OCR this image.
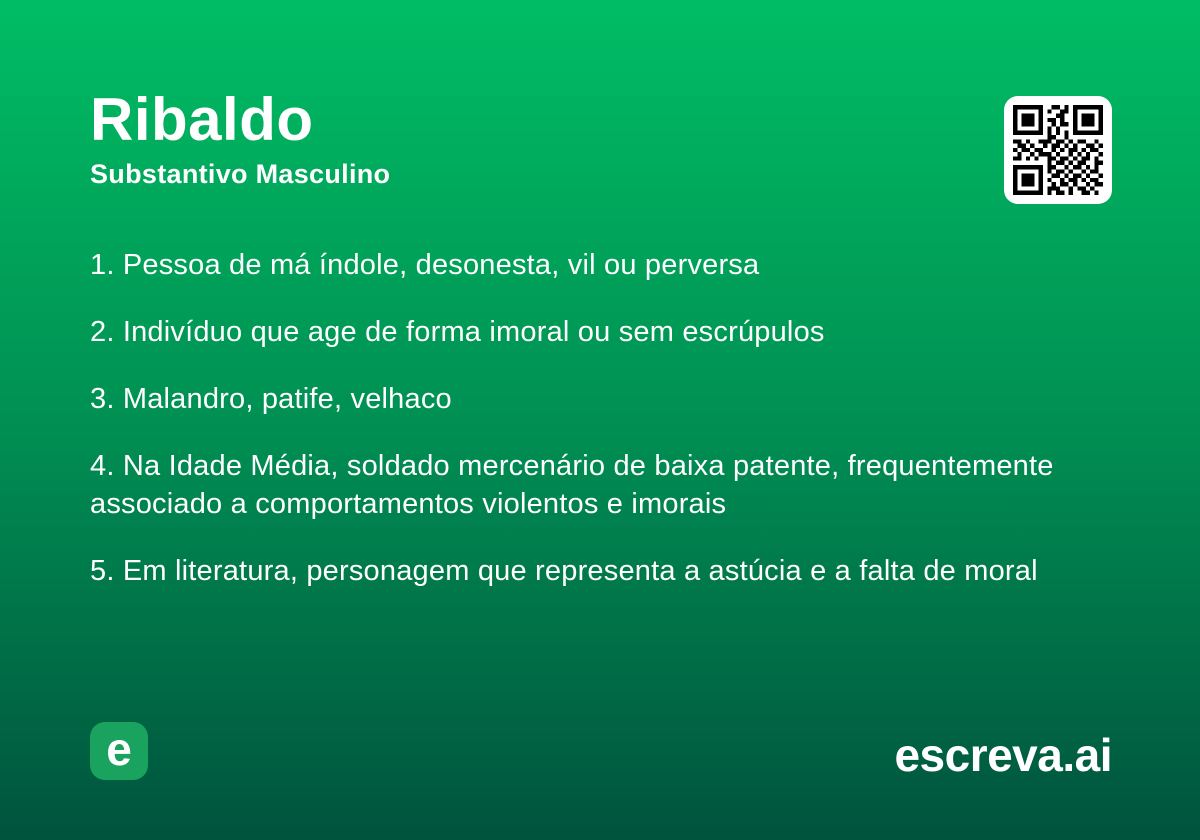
Ribaldo
Substantivo Masculino

1. Pessoa de má índole, desonesta, vil ou perversa

2. Indivíduo que age de forma imoral ou sem escrúpulos

3. Malandro, patife, velhaco

4. Na Idade Média, soldado mercenário de baixa patente, frequentemente associado a comportamentos violentos e imorais

5. Em literatura, personagem que representa a astúcia e a falta de moral

e	escreva.ai
